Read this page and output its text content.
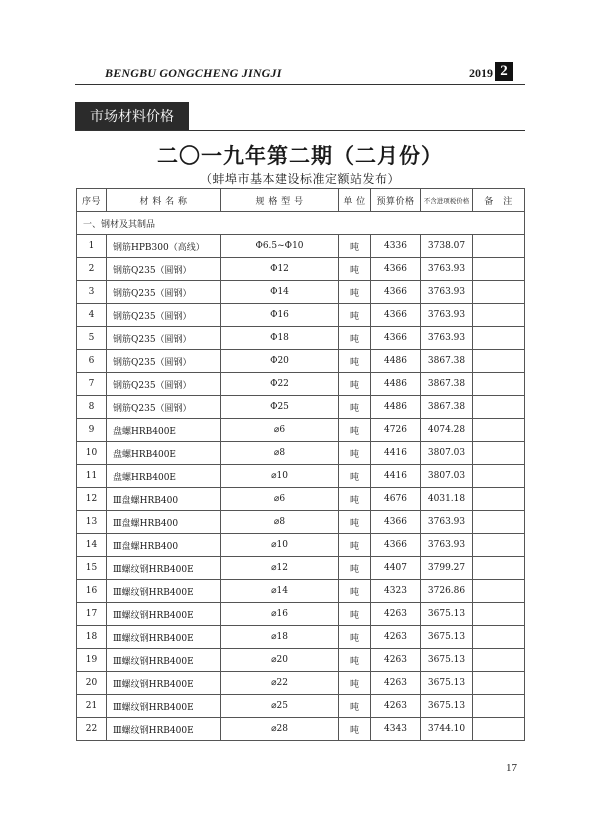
BENGBU GONGCHENG JINGJI	2019 2
市场材料价格
二〇一九年第二期（二月份）
（蚌埠市基本建设标准定额站发布）
序号	材 料 名 称	规 格 型 号	单 位	预算价格	不含进项税价格	备　注
一、钢材及其制品						
1	钢筋HPB300（高线）	Φ6.5~Φ10	吨	4336	3738.07	
2	钢筋Q235（圆钢）	Φ12	吨	4366	3763.93	
3	钢筋Q235（圆钢）	Φ14	吨	4366	3763.93	
4	钢筋Q235（圆钢）	Φ16	吨	4366	3763.93	
5	钢筋Q235（圆钢）	Φ18	吨	4366	3763.93	
6	钢筋Q235（圆钢）	Φ20	吨	4486	3867.38	
7	钢筋Q235（圆钢）	Φ22	吨	4486	3867.38	
8	钢筋Q235（圆钢）	Φ25	吨	4486	3867.38	
9	盘螺HRB400E	⌀6	吨	4726	4074.28	
10	盘螺HRB400E	⌀8	吨	4416	3807.03	
11	盘螺HRB400E	⌀10	吨	4416	3807.03	
12	Ⅲ盘螺HRB400	⌀6	吨	4676	4031.18	
13	Ⅲ盘螺HRB400	⌀8	吨	4366	3763.93	
14	Ⅲ盘螺HRB400	⌀10	吨	4366	3763.93	
15	Ⅲ螺纹钢HRB400E	⌀12	吨	4407	3799.27	
16	Ⅲ螺纹钢HRB400E	⌀14	吨	4323	3726.86	
17	Ⅲ螺纹钢HRB400E	⌀16	吨	4263	3675.13	
18	Ⅲ螺纹钢HRB400E	⌀18	吨	4263	3675.13	
19	Ⅲ螺纹钢HRB400E	⌀20	吨	4263	3675.13	
20	Ⅲ螺纹钢HRB400E	⌀22	吨	4263	3675.13	
21	Ⅲ螺纹钢HRB400E	⌀25	吨	4263	3675.13	
22	Ⅲ螺纹钢HRB400E	⌀28	吨	4343	3744.10	
17
